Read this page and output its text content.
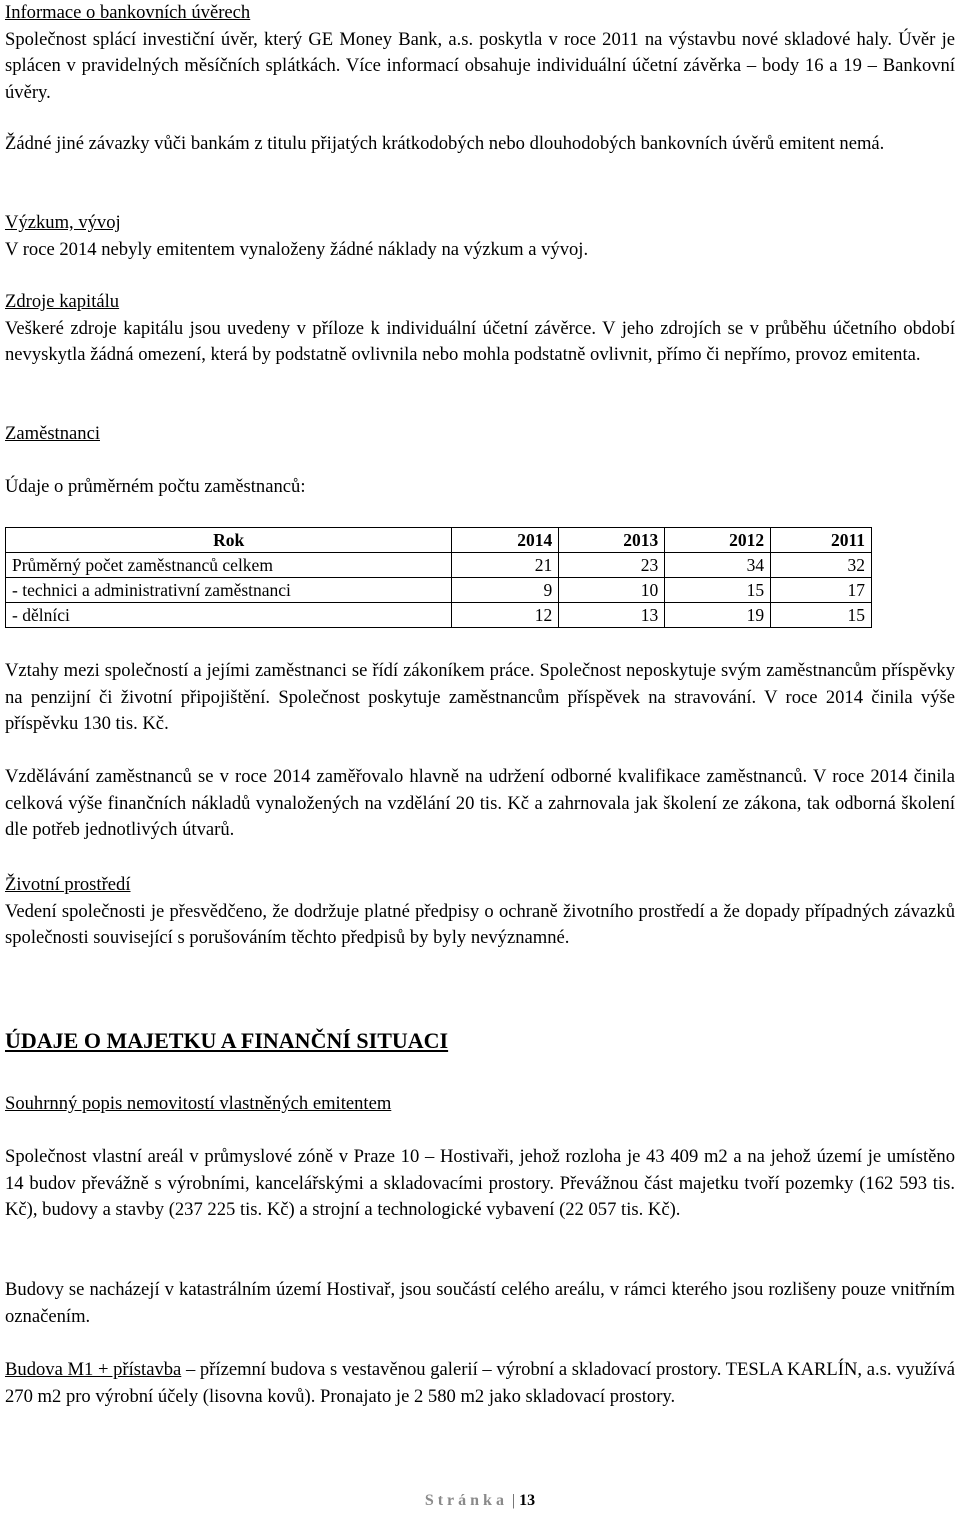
Informace o bankovních úvěrech

Společnost splácí investiční úvěr, který GE Money Bank, a.s. poskytla v roce 2011 na výstavbu nové skladové haly. Úvěr je splácen v pravidelných měsíčních splátkách. Více informací obsahuje individuální účetní závěrka – body 16 a 19 – Bankovní úvěry.

Žádné jiné závazky vůči bankám z titulu přijatých krátkodobých nebo dlouhodobých bankovních úvěrů emitent nemá.

Výzkum, vývoj

V roce 2014 nebyly emitentem vynaloženy žádné náklady na výzkum a vývoj.

Zdroje kapitálu

Veškeré zdroje kapitálu jsou uvedeny v příloze k individuální účetní závěrce. V jeho zdrojích se v průběhu účetního období nevyskytla žádná omezení, která by podstatně ovlivnila nebo mohla podstatně ovlivnit, přímo či nepřímo, provoz emitenta.

Zaměstnanci

Údaje o průměrném počtu zaměstnanců:

Rok	2014	2013	2012	2011
Průměrný počet zaměstnanců celkem	21	23	34	32
- technici a administrativní zaměstnanci	9	10	15	17
- dělníci	12	13	19	15

Vztahy mezi společností a jejími zaměstnanci se řídí zákoníkem práce. Společnost neposkytuje svým zaměstnancům příspěvky na penzijní či životní připojištění. Společnost poskytuje zaměstnancům příspěvek na stravování. V roce 2014 činila výše příspěvku 130 tis. Kč.

Vzdělávání zaměstnanců se v roce 2014 zaměřovalo hlavně na udržení odborné kvalifikace zaměstnanců. V roce 2014 činila celková výše finančních nákladů vynaložených na vzdělání 20 tis. Kč a zahrnovala jak školení ze zákona, tak odborná školení dle potřeb jednotlivých útvarů.

Životní prostředí

Vedení společnosti je přesvědčeno, že dodržuje platné předpisy o ochraně životního prostředí a že dopady případných závazků společnosti související s porušováním těchto předpisů by byly nevýznamné.

ÚDAJE O MAJETKU A FINANČNÍ SITUACI

Souhrnný popis nemovitostí vlastněných emitentem

Společnost vlastní areál v průmyslové zóně v Praze 10 – Hostivaři, jehož rozloha je 43 409 m2 a na jehož území je umístěno 14 budov převážně s výrobními, kancelářskými a skladovacími prostory. Převážnou část majetku tvoří pozemky (162 593 tis. Kč), budovy a stavby (237 225 tis. Kč) a strojní a technologické vybavení (22 057 tis. Kč).

Budovy se nacházejí v katastrálním území Hostivař, jsou součástí celého areálu, v rámci kterého jsou rozlišeny pouze vnitřním označením.

Budova M1 + přístavba – přízemní budova s vestavěnou galerií – výrobní a skladovací prostory. TESLA KARLÍN, a.s. využívá 270 m2 pro výrobní účely (lisovna kovů). Pronajato je 2 580 m2 jako skladovací prostory.

Stránka | 13
